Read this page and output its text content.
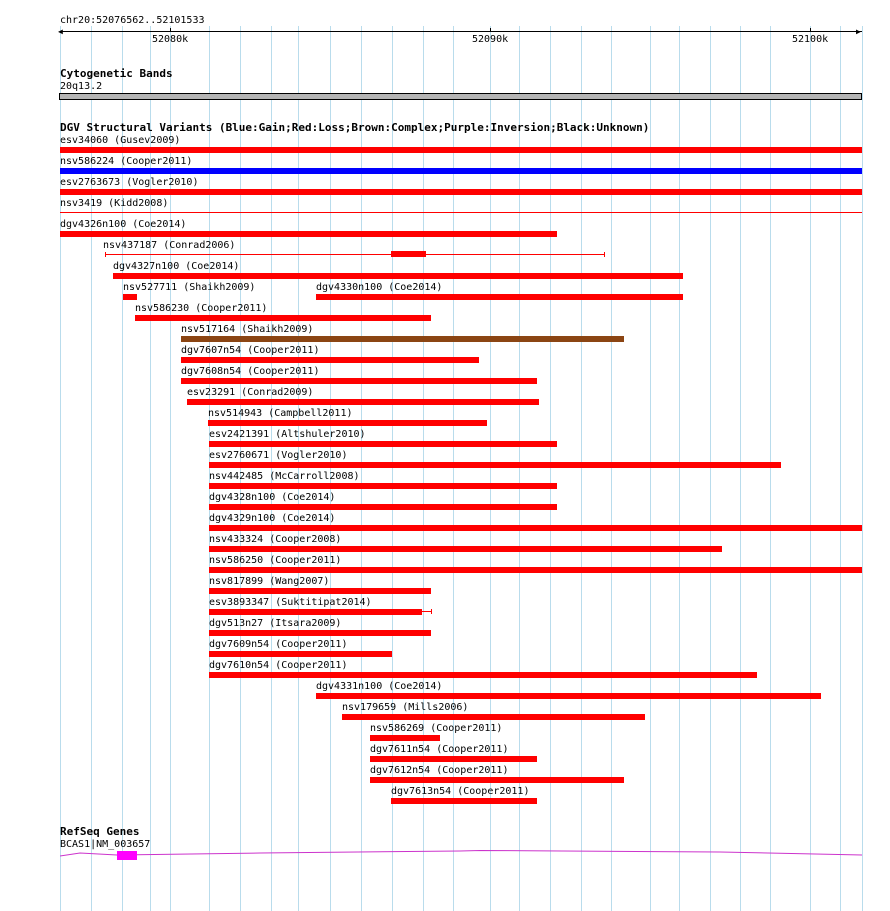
chr20:52076562..52101533
◀	▶
52080k	52090k	52100k
Cytogenetic Bands
20q13.2
DGV Structural Variants (Blue:Gain;Red:Loss;Brown:Complex;Purple:Inversion;Black:Unknown)
esv34060 (Gusev2009)
nsv586224 (Cooper2011)
esv2763673 (Vogler2010)
nsv3419 (Kidd2008)
dgv4326n100 (Coe2014)
nsv437187 (Conrad2006)
dgv4327n100 (Coe2014)
nsv527711 (Shaikh2009)	dgv4330n100 (Coe2014)
nsv586230 (Cooper2011)
nsv517164 (Shaikh2009)
dgv7607n54 (Cooper2011)
dgv7608n54 (Cooper2011)
esv23291 (Conrad2009)
nsv514943 (Campbell2011)
esv2421391 (Altshuler2010)
esv2760671 (Vogler2010)
nsv442485 (McCarroll2008)
dgv4328n100 (Coe2014)
dgv4329n100 (Coe2014)
nsv433324 (Cooper2008)
nsv586250 (Cooper2011)
nsv817899 (Wang2007)
esv3893347 (Suktitipat2014)
dgv513n27 (Itsara2009)
dgv7609n54 (Cooper2011)
dgv7610n54 (Cooper2011)
dgv4331n100 (Coe2014)
nsv179659 (Mills2006)
nsv586269 (Cooper2011)
dgv7611n54 (Cooper2011)
dgv7612n54 (Cooper2011)
dgv7613n54 (Cooper2011)
RefSeq Genes
BCAS1|NM_003657
